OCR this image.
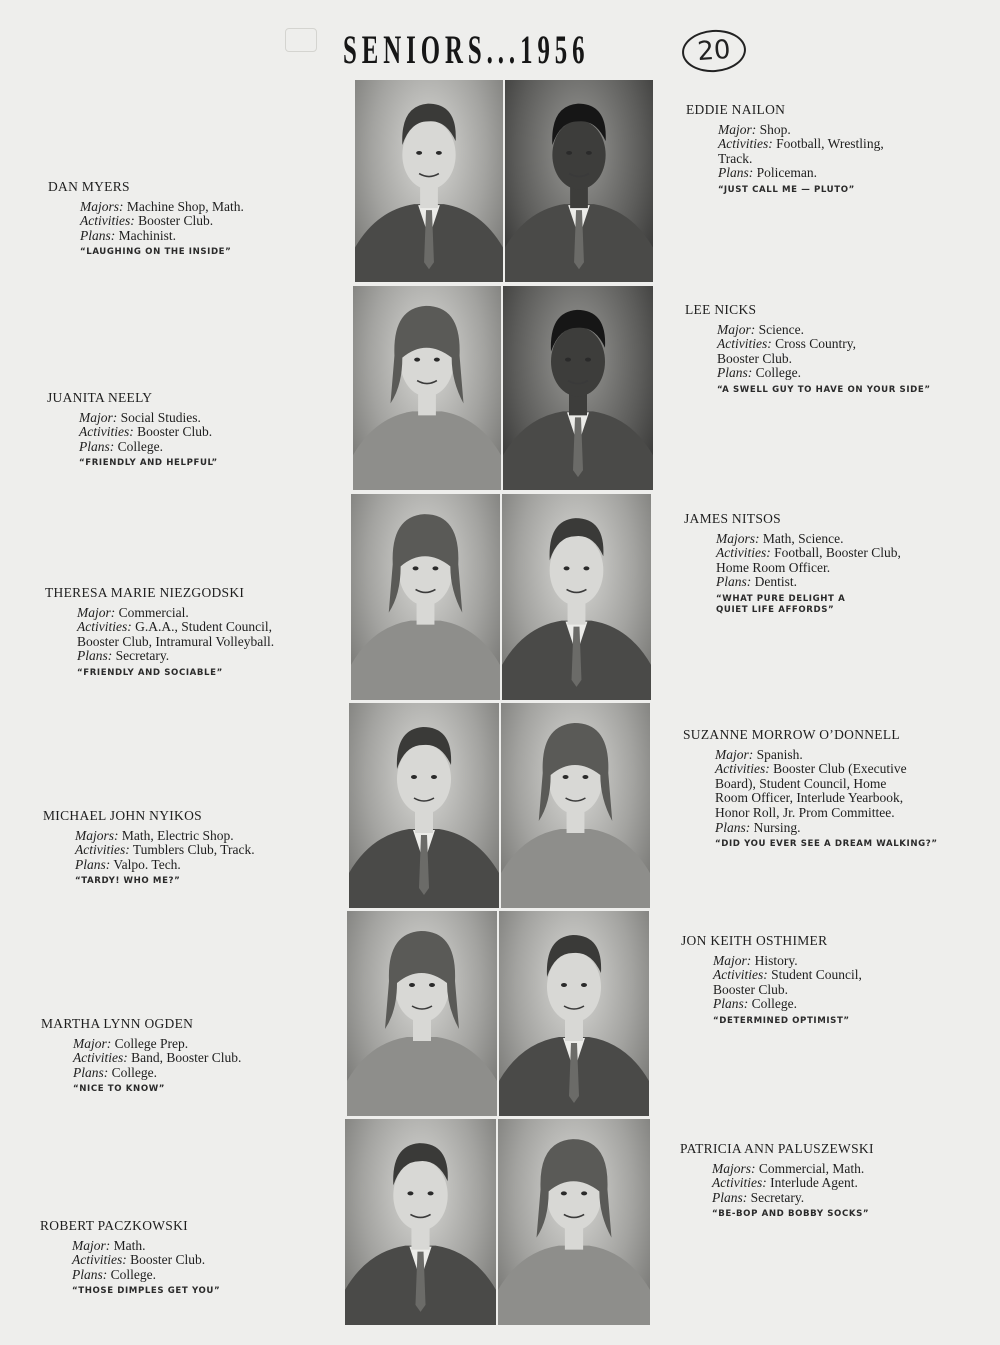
SENIORS...1956	20
DAN MYERS
Majors: Machine Shop, Math.
Activities: Booster Club.
Plans: Machinist.
“LAUGHING ON THE INSIDE”
JUANITA NEELY
Major: Social Studies.
Activities: Booster Club.
Plans: College.
“FRIENDLY AND HELPFUL”
THERESA MARIE NIEZGODSKI
Major: Commercial.
Activities: G.A.A., Student Council,
Booster Club, Intramural Volleyball.
Plans: Secretary.
“FRIENDLY AND SOCIABLE”
MICHAEL JOHN NYIKOS
Majors: Math, Electric Shop.
Activities: Tumblers Club, Track.
Plans: Valpo. Tech.
“TARDY! WHO ME?”
MARTHA LYNN OGDEN
Major: College Prep.
Activities: Band, Booster Club.
Plans: College.
“NICE TO KNOW”
ROBERT PACZKOWSKI
Major: Math.
Activities: Booster Club.
Plans: College.
“THOSE DIMPLES GET YOU”
EDDIE NAILON
Major: Shop.
Activities: Football, Wrestling,
Track.
Plans: Policeman.
“JUST CALL ME — PLUTO”
LEE NICKS
Major: Science.
Activities: Cross Country,
Booster Club.
Plans: College.
“A SWELL GUY TO HAVE ON YOUR SIDE”
JAMES NITSOS
Majors: Math, Science.
Activities: Football, Booster Club,
Home Room Officer.
Plans: Dentist.
“WHAT PURE DELIGHT A
QUIET LIFE AFFORDS”
SUZANNE MORROW O’DONNELL
Major: Spanish.
Activities: Booster Club (Executive
Board), Student Council, Home
Room Officer, Interlude Yearbook,
Honor Roll, Jr. Prom Committee.
Plans: Nursing.
“DID YOU EVER SEE A DREAM WALKING?”
JON KEITH OSTHIMER
Major: History.
Activities: Student Council,
Booster Club.
Plans: College.
“DETERMINED OPTIMIST”
PATRICIA ANN PALUSZEWSKI
Majors: Commercial, Math.
Activities: Interlude Agent.
Plans: Secretary.
“BE-BOP AND BOBBY SOCKS”
